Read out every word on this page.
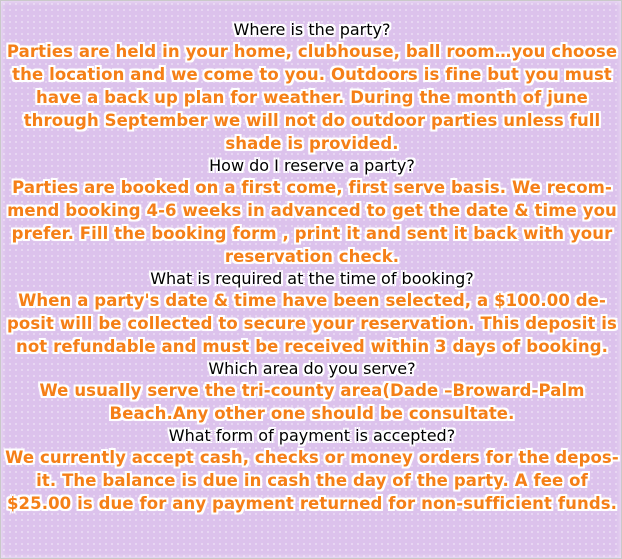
Where is the party?
Parties are held in your home, clubhouse, ball room…you choose
the location and we come to you. Outdoors is fine but you must
have a back up plan for weather. During the month of june
through September we will not do outdoor parties unless full
shade is provided.
How do I reserve a party?
Parties are booked on a first come, first serve basis. We recom-
mend booking 4-6 weeks in advanced to get the date & time you
prefer. Fill the booking form , print it and sent it back with your
reservation check.
What is required at the time of booking?
When a party's date & time have been selected, a $100.00 de-
posit will be collected to secure your reservation. This deposit is
not refundable and must be received within 3 days of booking.
Which area do you serve?
We usually serve the tri-county area(Dade –Broward-Palm
Beach.Any other one should be consultate.
What form of payment is accepted?
We currently accept cash, checks or money orders for the depos-
it. The balance is due in cash the day of the party. A fee of
$25.00 is due for any payment returned for non-sufficient funds.
